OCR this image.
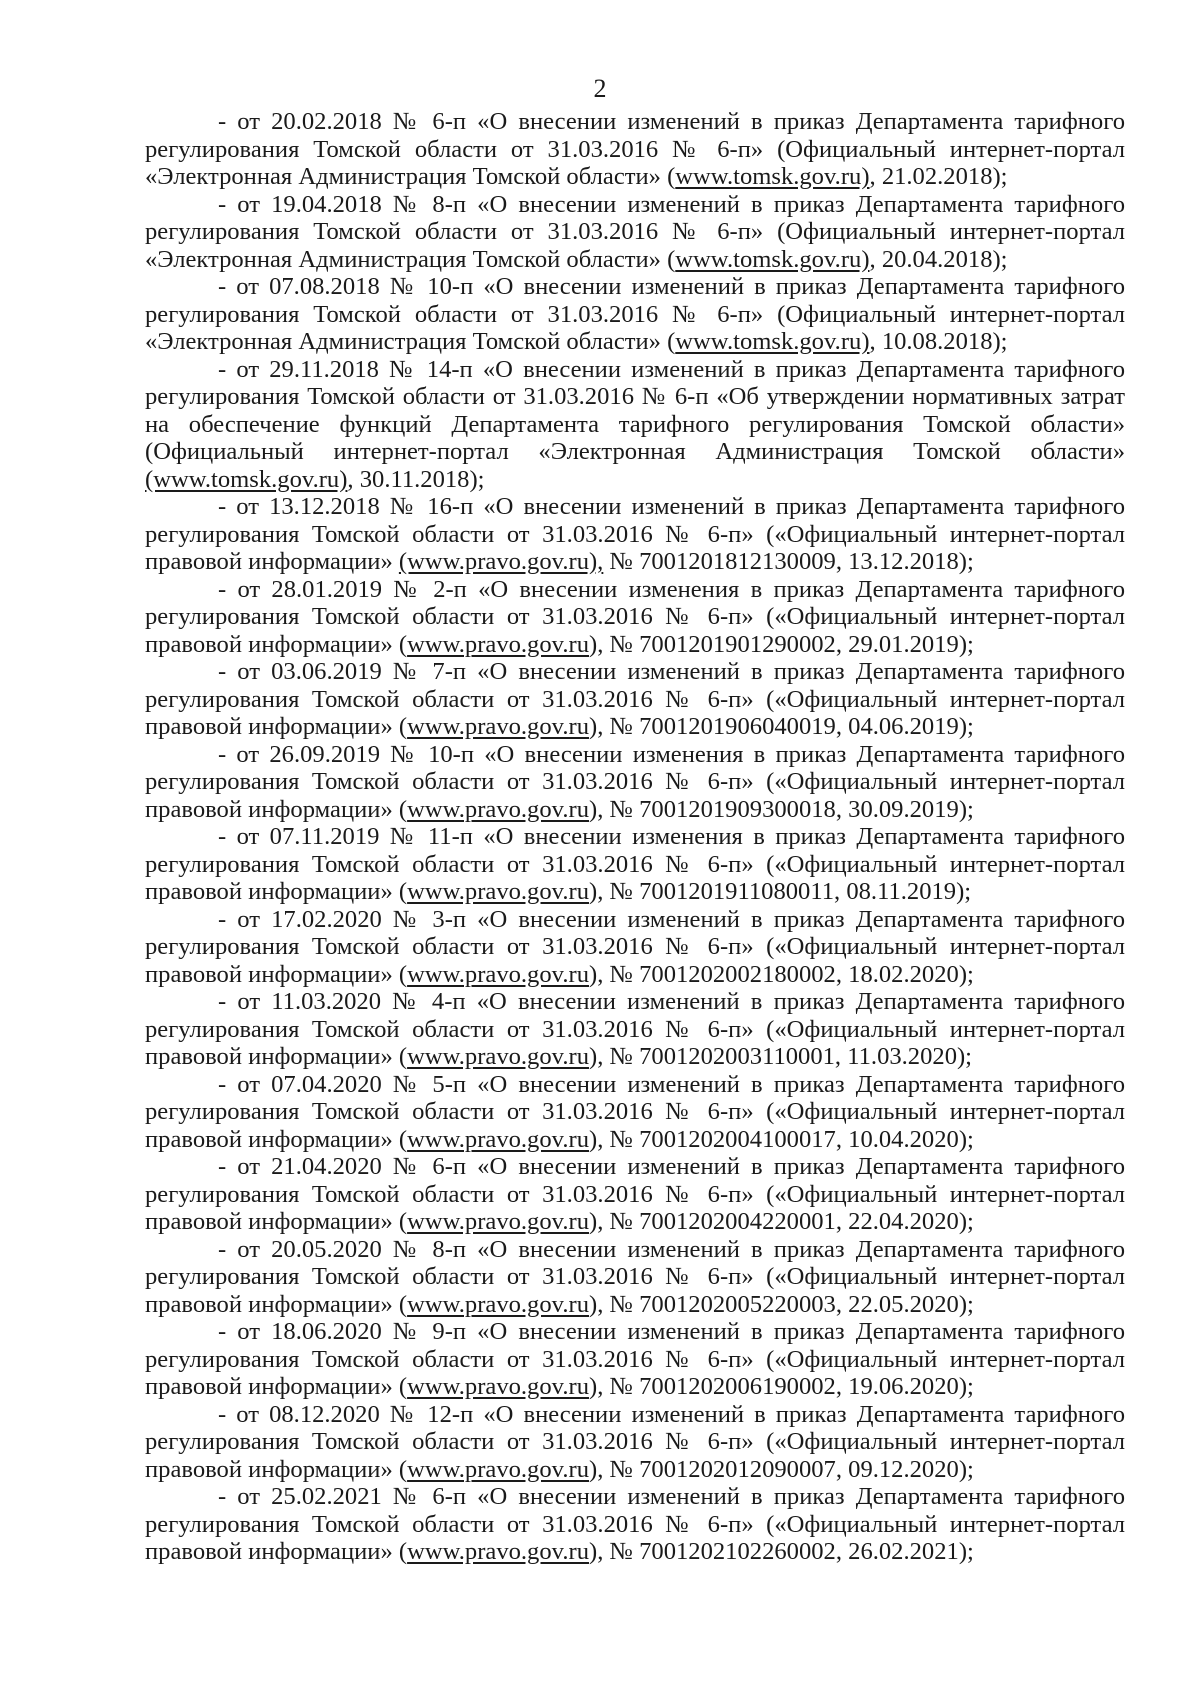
2

- от 20.02.2018 № 6-п «О внесении изменений в приказ Департамента тарифного регулирования Томской области от 31.03.2016 № 6-п» (Официальный интернет-портал «Электронная Администрация Томской области» (www.tomsk.gov.ru), 21.02.2018);

- от 19.04.2018 № 8-п «О внесении изменений в приказ Департамента тарифного регулирования Томской области от 31.03.2016 № 6-п» (Официальный интернет-портал «Электронная Администрация Томской области» (www.tomsk.gov.ru), 20.04.2018);

- от 07.08.2018 № 10-п «О внесении изменений в приказ Департамента тарифного регулирования Томской области от 31.03.2016 № 6-п» (Официальный интернет-портал «Электронная Администрация Томской области» (www.tomsk.gov.ru), 10.08.2018);

- от 29.11.2018 № 14-п «О внесении изменений в приказ Департамента тарифного регулирования Томской области от 31.03.2016 № 6-п «Об утверждении нормативных затрат на обеспечение функций Департамента тарифного регулирования Томской области» (Официальный интернет-портал «Электронная Администрация Томской области» (www.tomsk.gov.ru), 30.11.2018);

- от 13.12.2018 № 16-п «О внесении изменений в приказ Департамента тарифного регулирования Томской области от 31.03.2016 № 6-п» («Официальный интернет-портал правовой информации» (www.pravo.gov.ru), № 7001201812130009, 13.12.2018);

- от 28.01.2019 № 2-п «О внесении изменения в приказ Департамента тарифного регулирования Томской области от 31.03.2016 № 6-п» («Официальный интернет-портал правовой информации» (www.pravo.gov.ru), № 7001201901290002, 29.01.2019);

- от 03.06.2019 № 7-п «О внесении изменений в приказ Департамента тарифного регулирования Томской области от 31.03.2016 № 6-п» («Официальный интернет-портал правовой информации» (www.pravo.gov.ru), № 7001201906040019, 04.06.2019);

- от 26.09.2019 № 10-п «О внесении изменения в приказ Департамента тарифного регулирования Томской области от 31.03.2016 № 6-п» («Официальный интернет-портал правовой информации» (www.pravo.gov.ru), № 7001201909300018, 30.09.2019);

- от 07.11.2019 № 11-п «О внесении изменения в приказ Департамента тарифного регулирования Томской области от 31.03.2016 № 6-п» («Официальный интернет-портал правовой информации» (www.pravo.gov.ru), № 7001201911080011, 08.11.2019);

- от 17.02.2020 № 3-п «О внесении изменений в приказ Департамента тарифного регулирования Томской области от 31.03.2016 № 6-п» («Официальный интернет-портал правовой информации» (www.pravo.gov.ru), № 7001202002180002, 18.02.2020);

- от 11.03.2020 № 4-п «О внесении изменений в приказ Департамента тарифного регулирования Томской области от 31.03.2016 № 6-п» («Официальный интернет-портал правовой информации» (www.pravo.gov.ru), № 7001202003110001, 11.03.2020);

- от 07.04.2020 № 5-п «О внесении изменений в приказ Департамента тарифного регулирования Томской области от 31.03.2016 № 6-п» («Официальный интернет-портал правовой информации» (www.pravo.gov.ru), № 7001202004100017, 10.04.2020);

- от 21.04.2020 № 6-п «О внесении изменений в приказ Департамента тарифного регулирования Томской области от 31.03.2016 № 6-п» («Официальный интернет-портал правовой информации» (www.pravo.gov.ru), № 7001202004220001, 22.04.2020);

- от 20.05.2020 № 8-п «О внесении изменений в приказ Департамента тарифного регулирования Томской области от 31.03.2016 № 6-п» («Официальный интернет-портал правовой информации» (www.pravo.gov.ru), № 7001202005220003, 22.05.2020);

- от 18.06.2020 № 9-п «О внесении изменений в приказ Департамента тарифного регулирования Томской области от 31.03.2016 № 6-п» («Официальный интернет-портал правовой информации» (www.pravo.gov.ru), № 7001202006190002, 19.06.2020);

- от 08.12.2020 № 12-п «О внесении изменений в приказ Департамента тарифного регулирования Томской области от 31.03.2016 № 6-п» («Официальный интернет-портал правовой информации» (www.pravo.gov.ru), № 7001202012090007, 09.12.2020);

- от 25.02.2021 № 6-п «О внесении изменений в приказ Департамента тарифного регулирования Томской области от 31.03.2016 № 6-п» («Официальный интернет-портал правовой информации» (www.pravo.gov.ru), № 7001202102260002, 26.02.2021);
